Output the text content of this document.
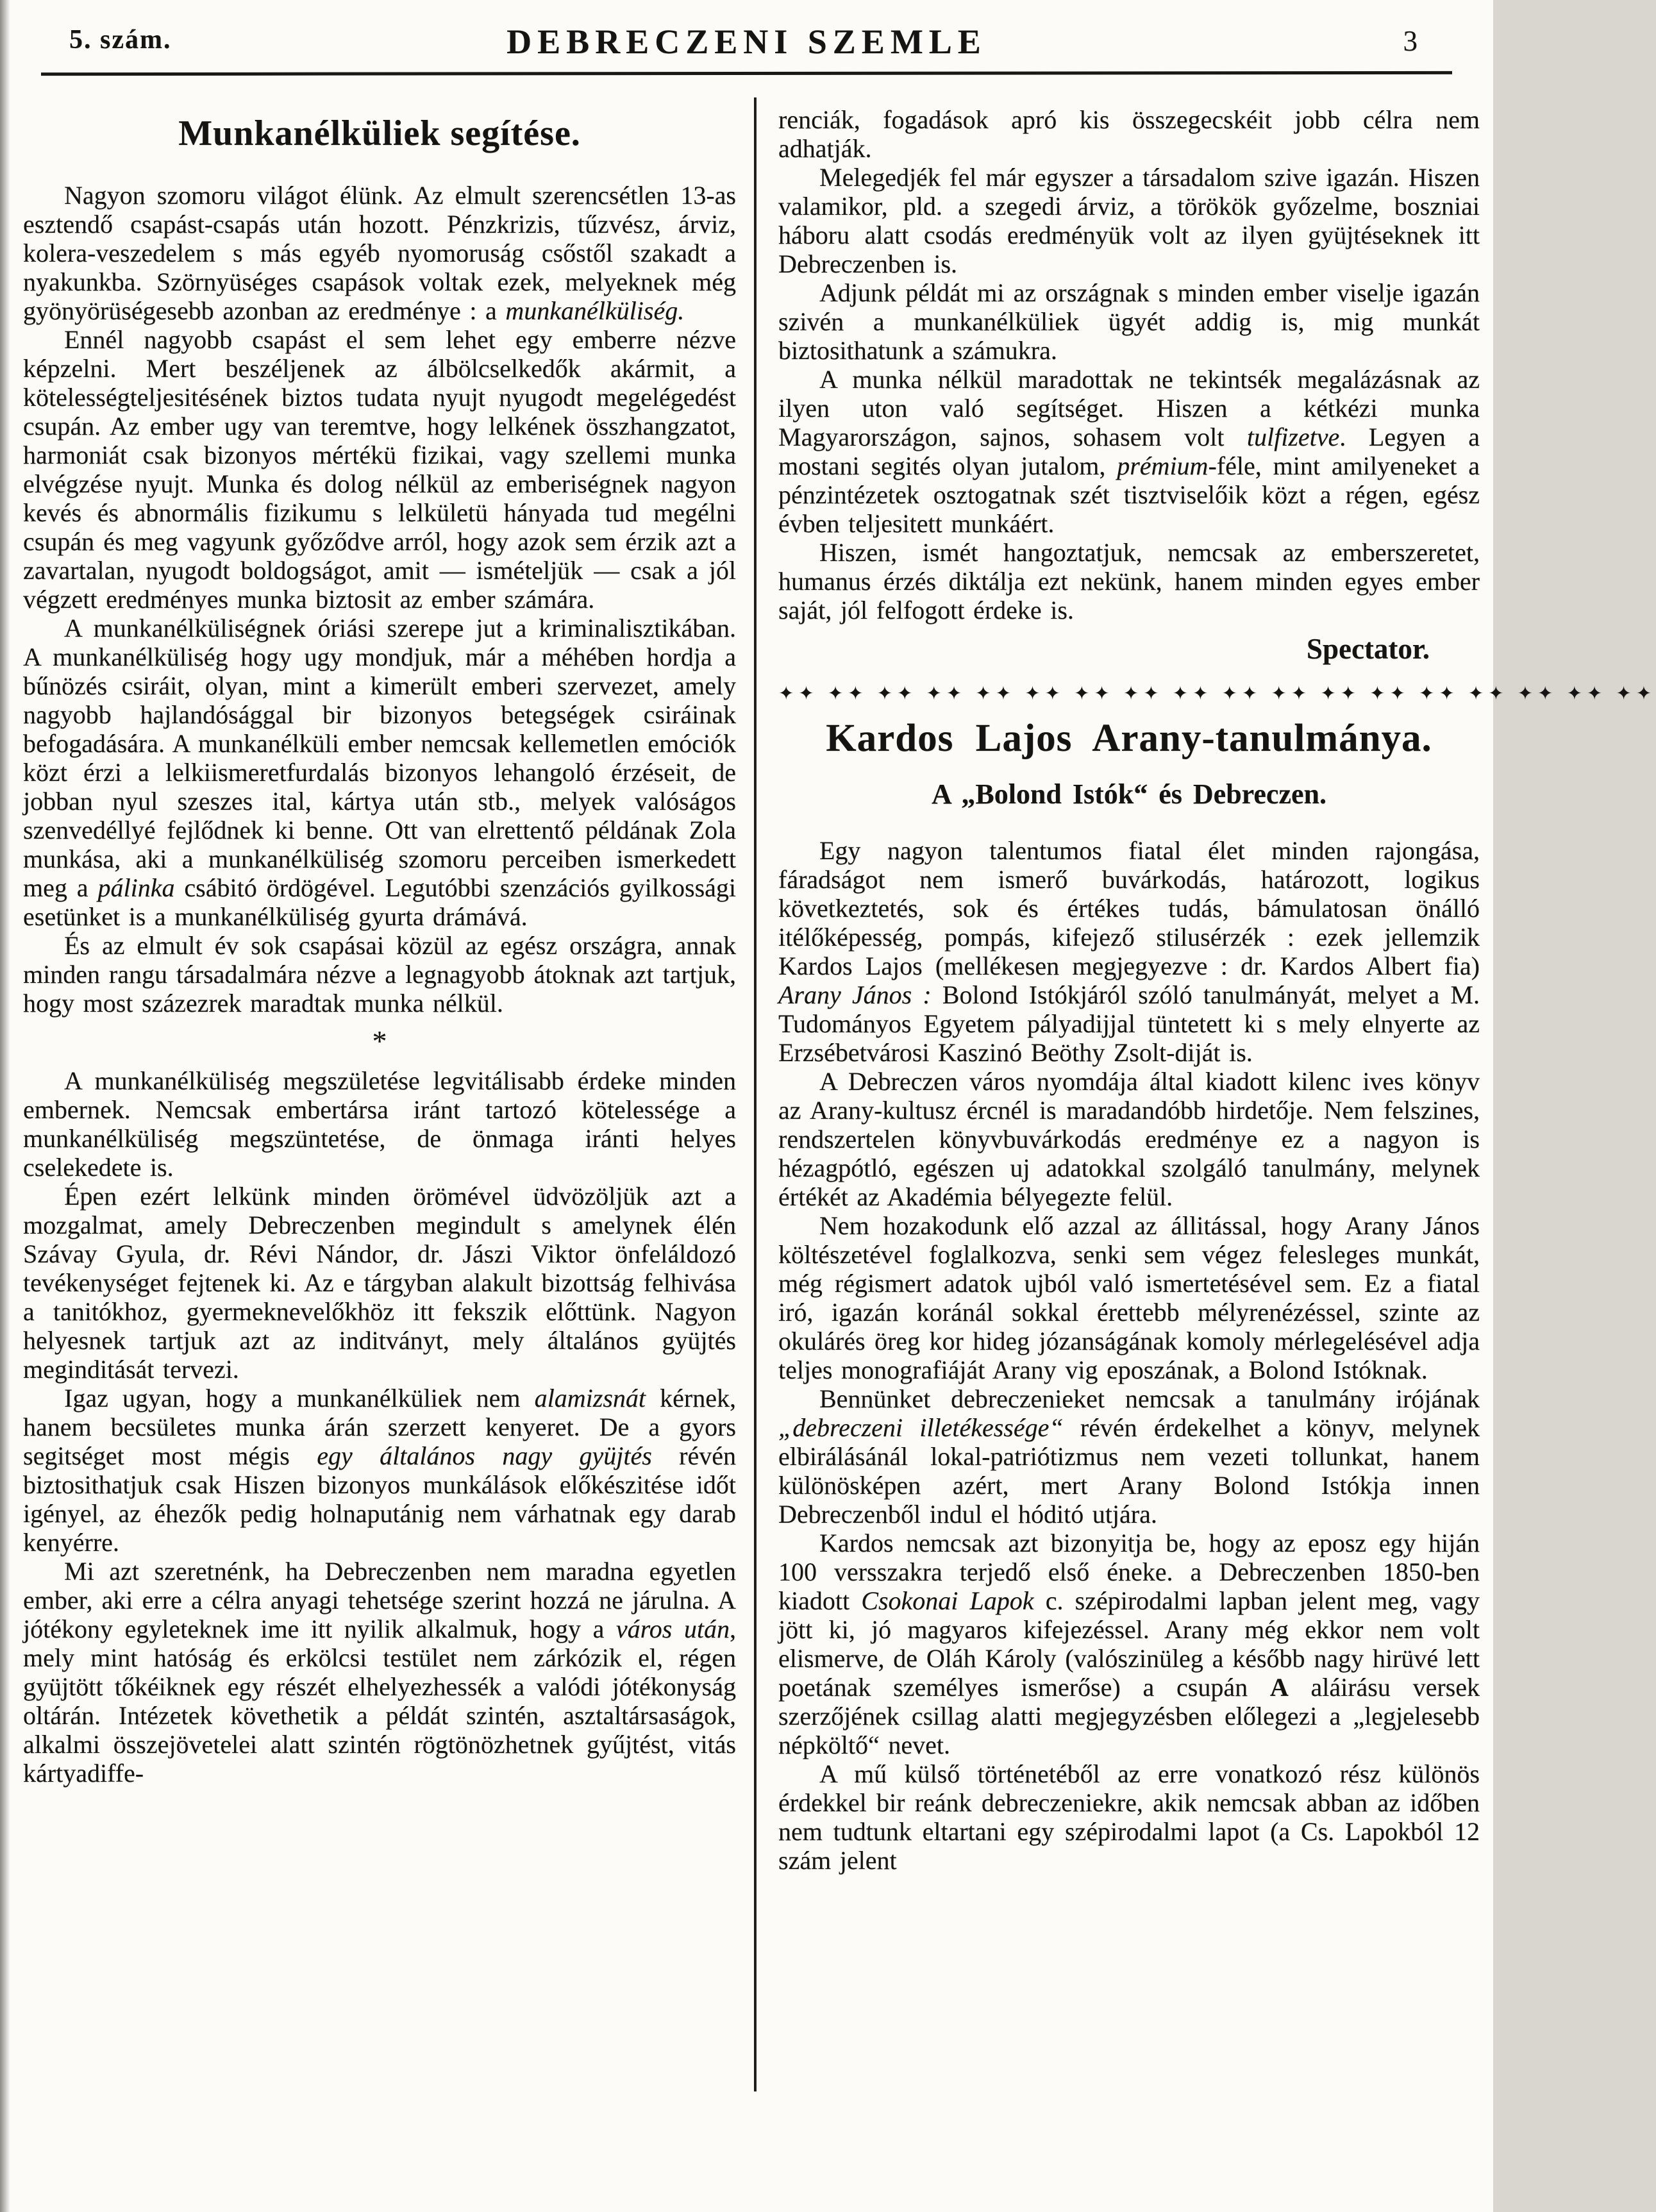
5. szám.	DEBRECZENI SZEMLE	3
Munkanélküliek segítése.

Nagyon szomoru világot élünk. Az elmult szerencsétlen 13-as esztendő csapást-csapás után hozott. Pénzkrizis, tűzvész, árviz, kolera-veszedelem s más egyéb nyomoruság csőstől szakadt a nyakunkba. Szörnyüséges csapások voltak ezek, melyeknek még gyönyörüségesebb azonban az eredménye : a munkanélküliség.

Ennél nagyobb csapást el sem lehet egy emberre nézve képzelni. Mert beszéljenek az álbölcselkedők akármit, a kötelességteljesitésének biztos tudata nyujt nyugodt megelégedést csupán. Az ember ugy van teremtve, hogy lelkének összhangzatot, harmoniát csak bizonyos mértékü fizikai, vagy szellemi munka elvégzése nyujt. Munka és dolog nélkül az emberiségnek nagyon kevés és abnormális fizikumu s lelkületü hányada tud megélni csupán és meg vagyunk győződve arról, hogy azok sem érzik azt a zavartalan, nyugodt boldogságot, amit — ismételjük — csak a jól végzett eredményes munka biztosit az ember számára.

A munkanélküliségnek óriási szerepe jut a kriminalisztikában. A munkanélküliség hogy ugy mondjuk, már a méhében hordja a bűnözés csiráit, olyan, mint a kimerült emberi szervezet, amely nagyobb hajlandósággal bir bizonyos betegségek csiráinak befogadására. A munkanélküli ember nemcsak kellemetlen emóciók közt érzi a lelkiismeretfurdalás bizonyos lehangoló érzéseit, de jobban nyul szeszes ital, kártya után stb., melyek valóságos szenvedéllyé fejlődnek ki benne. Ott van elrettentő példának Zola munkása, aki a munkanélküliség szomoru perceiben ismerkedett meg a pálinka csábitó ördögével. Legutóbbi szenzációs gyilkossági esetünket is a munkanélküliség gyurta drámává.

És az elmult év sok csapásai közül az egész országra, annak minden rangu társadalmára nézve a legnagyobb átoknak azt tartjuk, hogy most százezrek maradtak munka nélkül.

*

A munkanélküliség megszületése legvitálisabb érdeke minden embernek. Nemcsak embertársa iránt tartozó kötelessége a munkanélküliség megszüntetése, de önmaga iránti helyes cselekedete is.

Épen ezért lelkünk minden örömével üdvözöljük azt a mozgalmat, amely Debreczenben megindult s amelynek élén Szávay Gyula, dr. Révi Nándor, dr. Jászi Viktor önfeláldozó tevékenységet fejtenek ki. Az e tárgyban alakult bizottság felhivása a tanitókhoz, gyermeknevelőkhöz itt fekszik előttünk. Nagyon helyesnek tartjuk azt az inditványt, mely általános gyüjtés meginditását tervezi.

Igaz ugyan, hogy a munkanélküliek nem alamizsnát kérnek, hanem becsületes munka árán szerzett kenyeret. De a gyors segitséget most mégis egy általános nagy gyüjtés révén biztosithatjuk csak Hiszen bizonyos munkálások előkészitése időt igényel, az éhezők pedig holnaputánig nem várhatnak egy darab kenyérre.

Mi azt szeretnénk, ha Debreczenben nem maradna egyetlen ember, aki erre a célra anyagi tehetsége szerint hozzá ne járulna. A jótékony egyleteknek ime itt nyilik alkalmuk, hogy a város után, mely mint hatóság és erkölcsi testület nem zárkózik el, régen gyüjtött tőkéiknek egy részét elhelyezhessék a valódi jótékonyság oltárán. Intézetek követhetik a példát szintén, asztaltársaságok, alkalmi összejövetelei alatt szintén rögtönözhetnek gyűjtést, vitás kártyadiffe-

renciák, fogadások apró kis összegecskéit jobb célra nem adhatják.

Melegedjék fel már egyszer a társadalom szive igazán. Hiszen valamikor, pld. a szegedi árviz, a törökök győzelme, boszniai háboru alatt csodás eredményük volt az ilyen gyüjtéseknek itt Debreczenben is.

Adjunk példát mi az országnak s minden ember viselje igazán szivén a munkanélküliek ügyét addig is, mig munkát biztosithatunk a számukra.

A munka nélkül maradottak ne tekintsék megalázásnak az ilyen uton való segítséget. Hiszen a kétkézi munka Magyarországon, sajnos, sohasem volt tulfizetve. Legyen a mostani segités olyan jutalom, prémium-féle, mint amilyeneket a pénzintézetek osztogatnak szét tisztviselőik közt a régen, egész évben teljesitett munkáért.

Hiszen, ismét hangoztatjuk, nemcsak az emberszeretet, humanus érzés diktálja ezt nekünk, hanem minden egyes ember saját, jól felfogott érdeke is.

Spectator.
✦✦ ✦✦ ✦✦ ✦✦ ✦✦ ✦✦ ✦✦ ✦✦ ✦✦ ✦✦ ✦✦ ✦✦ ✦✦ ✦✦ ✦✦ ✦✦ ✦✦ ✦✦
Kardos Lajos Arany-tanulmánya.
A „Bolond Istók“ és Debreczen.

Egy nagyon talentumos fiatal élet minden rajongása, fáradságot nem ismerő buvárkodás, határozott, logikus következtetés, sok és értékes tudás, bámulatosan önálló itélőképesség, pompás, kifejező stilusérzék : ezek jellemzik Kardos Lajos (mellékesen megjegyezve : dr. Kardos Albert fia) Arany János : Bolond Istókjáról szóló tanulmányát, melyet a M. Tudományos Egyetem pályadijjal tüntetett ki s mely elnyerte az Erzsébetvárosi Kaszinó Beöthy Zsolt-diját is.

A Debreczen város nyomdája által kiadott kilenc ives könyv az Arany-kultusz ércnél is maradandóbb hirdetője. Nem felszines, rendszertelen könyvbuvárkodás eredménye ez a nagyon is hézagpótló, egészen uj adatokkal szolgáló tanulmány, melynek értékét az Akadémia bélyegezte felül.

Nem hozakodunk elő azzal az állitással, hogy Arany János költészetével foglalkozva, senki sem végez felesleges munkát, még régismert adatok ujból való ismertetésével sem. Ez a fiatal iró, igazán koránál sokkal érettebb mélyrenézéssel, szinte az okulárés öreg kor hideg józanságának komoly mérlegelésével adja teljes monografiáját Arany vig eposzának, a Bolond Istóknak.

Bennünket debreczenieket nemcsak a tanulmány irójának „debreczeni illetékessége“ révén érdekelhet a könyv, melynek elbirálásánál lokal-patriótizmus nem vezeti tollunkat, hanem különösképen azért, mert Arany Bolond Istókja innen Debreczenből indul el hóditó utjára.

Kardos nemcsak azt bizonyitja be, hogy az eposz egy hiján 100 versszakra terjedő első éneke. a Debreczenben 1850-ben kiadott Csokonai Lapok c. szépirodalmi lapban jelent meg, vagy jött ki, jó magyaros kifejezéssel. Arany még ekkor nem volt elismerve, de Oláh Károly (valószinüleg a később nagy hirüvé lett poetának személyes ismerőse) a csupán A aláirásu versek szerzőjének csillag alatti megjegyzésben előlegezi a „legjelesebb népköltő“ nevet.

A mű külső történetéből az erre vonatkozó rész különös érdekkel bir reánk debreczeniekre, akik nemcsak abban az időben nem tudtunk eltartani egy szépirodalmi lapot (a Cs. Lapokból 12 szám jelent
